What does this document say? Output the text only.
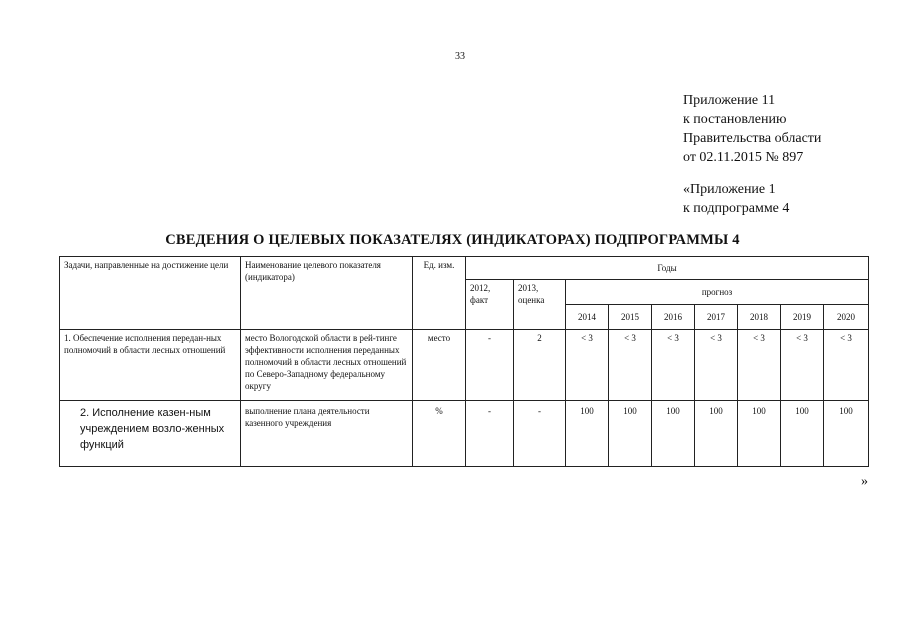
33
Приложение 11
к постановлению
Правительства области
от 02.11.2015 № 897
«Приложение 1
к подпрограмме 4
СВЕДЕНИЯ О ЦЕЛЕВЫХ ПОКАЗАТЕЛЯХ (ИНДИКАТОРАХ) ПОДПРОГРАММЫ 4
Задачи, направленные на достижение цели	Наименование целевого показателя (индикатора)	Ед. изм.	Годы								
			2012, факт	2013, оценка	прогноз						
					2014	2015	2016	2017	2018	2019	2020
1. Обеспечение исполнения передан-ных полномочий в области лесных отношений	место Вологодской области в рей-тинге эффективности исполнения переданных полномочий в области лесных отношений по Северо-Западному федеральному округу	место	-	2	< 3	< 3	< 3	< 3	< 3	< 3	< 3
2. Исполнение казен-ным учреждением возло-женных функций	выполнение плана деятельности казенного учреждения	%	-	-	100	100	100	100	100	100	100
»
